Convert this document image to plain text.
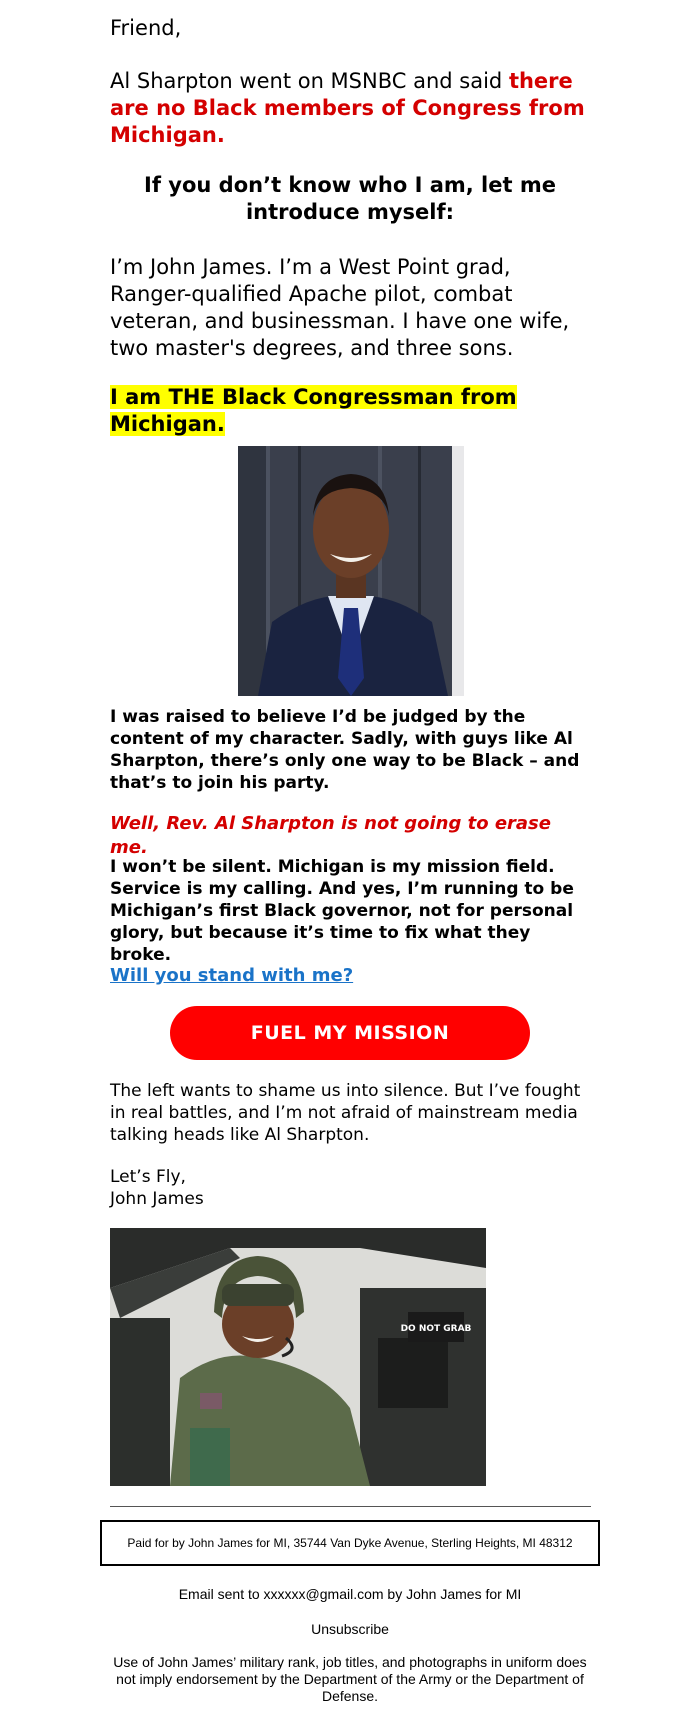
Friend,

Al Sharpton went on MSNBC and said there are no Black members of Congress from Michigan.

If you don’t know who I am, let me introduce myself:

I’m John James. I’m a West Point grad, Ranger-qualified Apache pilot, combat veteran, and businessman. I have one wife, two master's degrees, and three sons.

I am THE Black Congressman from Michigan.

I was raised to believe I’d be judged by the content of my character. Sadly, with guys like Al Sharpton, there’s only one way to be Black – and that’s to join his party.

Well, Rev. Al Sharpton is not going to erase me.

I won’t be silent. Michigan is my mission field. Service is my calling. And yes, I’m running to be Michigan’s first Black governor, not for personal glory, but because it’s time to fix what they broke.

Will you stand with me?
FUEL MY MISSION

The left wants to shame us into silence. But I’ve fought in real battles, and I’m not afraid of mainstream media talking heads like Al Sharpton.

Let’s Fly,
John James
DO NOT GRAB
Paid for by John James for MI, 35744 Van Dyke Avenue, Sterling Heights, MI 48312
Email sent to xxxxxx@gmail.com by John James for MI
Unsubscribe
Use of John James’ military rank, job titles, and photographs in uniform does not imply endorsement by the Department of the Army or the Department of Defense.
